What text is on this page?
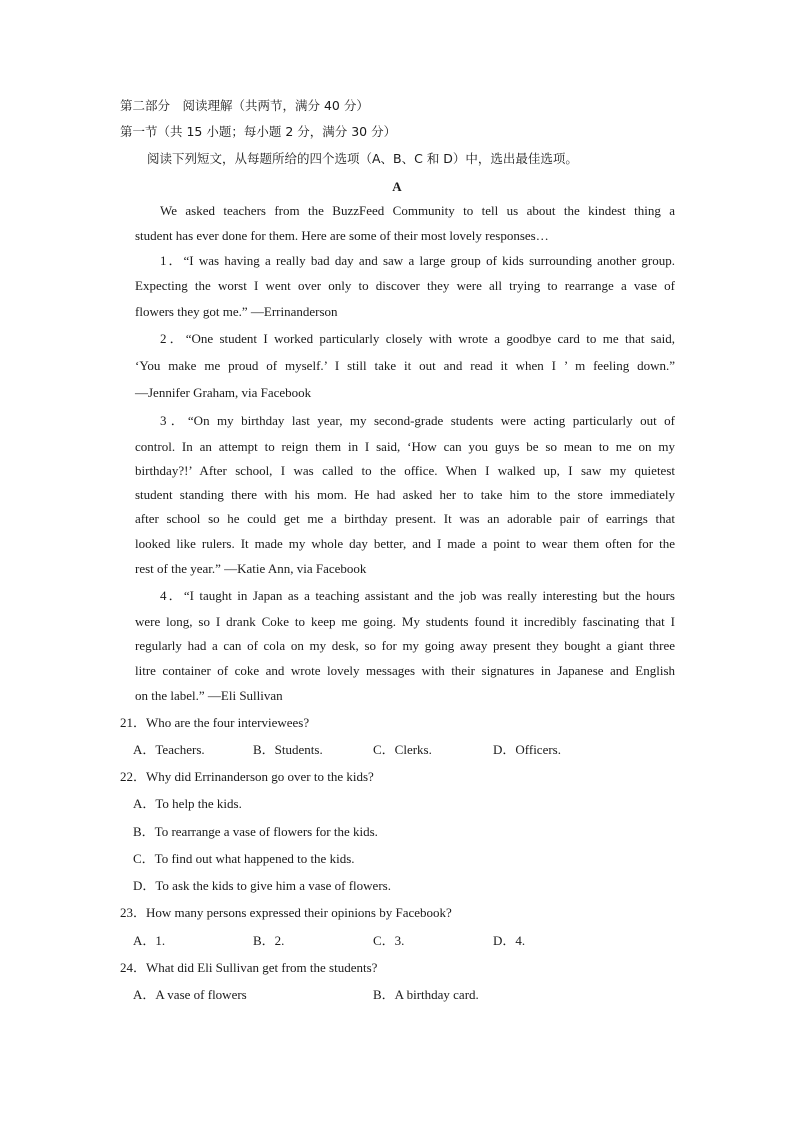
第二部分　阅读理解（共两节，满分 40 分）
第一节（共 15 小题；每小题 2 分，满分 30 分）
阅读下列短文，从每题所给的四个选项（A、B、C 和 D）中，选出最佳选项。
A
We asked teachers from the BuzzFeed Community to tell us about the kindest thing a
student has ever done for them. Here are some of their most lovely responses…
1．“I was having a really bad day and saw a large group of kids surrounding another group.
Expecting the worst I went over only to discover they were all trying to rearrange a vase of
flowers they got me.” —Errinanderson
2．“One student I worked particularly closely with wrote a goodbye card to me that said,
‘You make me proud of myself.’ I still take it out and read it when I ’ m feeling down.”
—Jennifer Graham, via Facebook
3．“On my birthday last year, my second-grade students were acting particularly out of
control. In an attempt to reign them in I said, ‘How can you guys be so mean to me on my
birthday?!’ After school, I was called to the office. When I walked up, I saw my quietest
student standing there with his mom. He had asked her to take him to the store immediately
after school so he could get me a birthday present. It was an adorable pair of earrings that
looked like rulers. It made my whole day better, and I made a point to wear them often for the
rest of the year.” —Katie Ann, via Facebook
4．“I taught in Japan as a teaching assistant and the job was really interesting but the hours
were long, so I drank Coke to keep me going. My students found it incredibly fascinating that I
regularly had a can of cola on my desk, so for my going away present they bought a giant three
litre container of coke and wrote lovely messages with their signatures in Japanese and English
on the label.” —Eli Sullivan
21．Who are the four interviewees?
A．Teachers.	B．Students.	C．Clerks.	D．Officers.
22．Why did Errinanderson go over to the kids?
A．To help the kids.
B．To rearrange a vase of flowers for the kids.
C．To find out what happened to the kids.
D．To ask the kids to give him a vase of flowers.
23．How many persons expressed their opinions by Facebook?
A．1.	B．2.	C．3.	D．4.
24．What did Eli Sullivan get from the students?
A．A vase of flowers	B．A birthday card.
